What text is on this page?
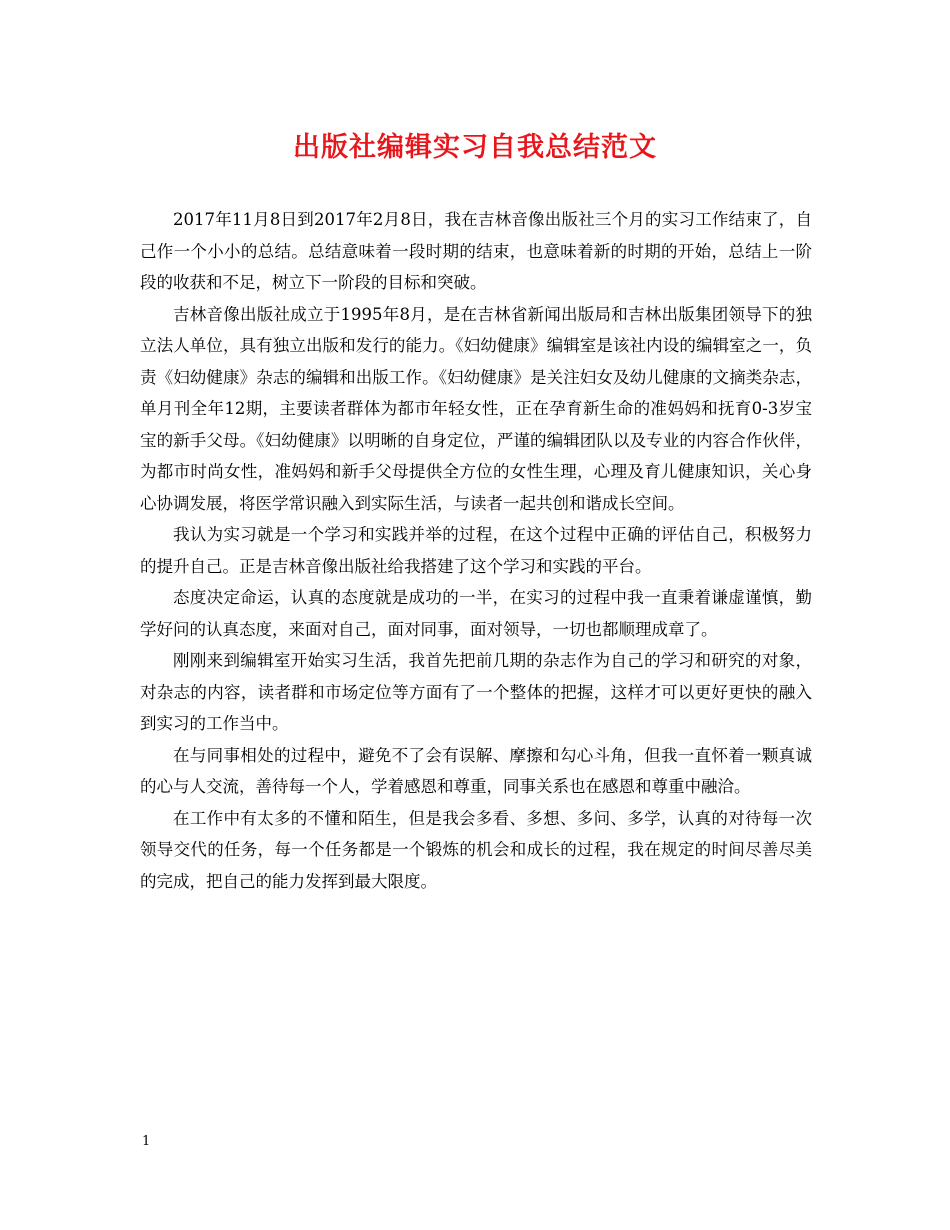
出版社编辑实习自我总结范文

2017年11月8日到2017年2月8日，我在吉林音像出版社三个月的实习工作结束了，自己作一个小小的总结。总结意味着一段时期的结束，也意味着新的时期的开始，总结上一阶段的收获和不足，树立下一阶段的目标和突破。

吉林音像出版社成立于1995年8月，是在吉林省新闻出版局和吉林出版集团领导下的独立法人单位，具有独立出版和发行的能力。《妇幼健康》编辑室是该社内设的编辑室之一，负责《妇幼健康》杂志的编辑和出版工作。《妇幼健康》是关注妇女及幼儿健康的文摘类杂志，单月刊全年12期，主要读者群体为都市年轻女性，正在孕育新生命的准妈妈和抚育0-3岁宝宝的新手父母。《妇幼健康》以明晰的自身定位，严谨的编辑团队以及专业的内容合作伙伴，为都市时尚女性，准妈妈和新手父母提供全方位的女性生理，心理及育儿健康知识，关心身心协调发展，将医学常识融入到实际生活，与读者一起共创和谐成长空间。

我认为实习就是一个学习和实践并举的过程，在这个过程中正确的评估自己，积极努力的提升自己。正是吉林音像出版社给我搭建了这个学习和实践的平台。

态度决定命运，认真的态度就是成功的一半，在实习的过程中我一直秉着谦虚谨慎，勤学好问的认真态度，来面对自己，面对同事，面对领导，一切也都顺理成章了。

刚刚来到编辑室开始实习生活，我首先把前几期的杂志作为自己的学习和研究的对象，对杂志的内容，读者群和市场定位等方面有了一个整体的把握，这样才可以更好更快的融入到实习的工作当中。

在与同事相处的过程中，避免不了会有误解、摩擦和勾心斗角，但我一直怀着一颗真诚的心与人交流，善待每一个人，学着感恩和尊重，同事关系也在感恩和尊重中融洽。

在工作中有太多的不懂和陌生，但是我会多看、多想、多问、多学，认真的对待每一次领导交代的任务，每一个任务都是一个锻炼的机会和成长的过程，我在规定的时间尽善尽美的完成，把自己的能力发挥到最大限度。

1
